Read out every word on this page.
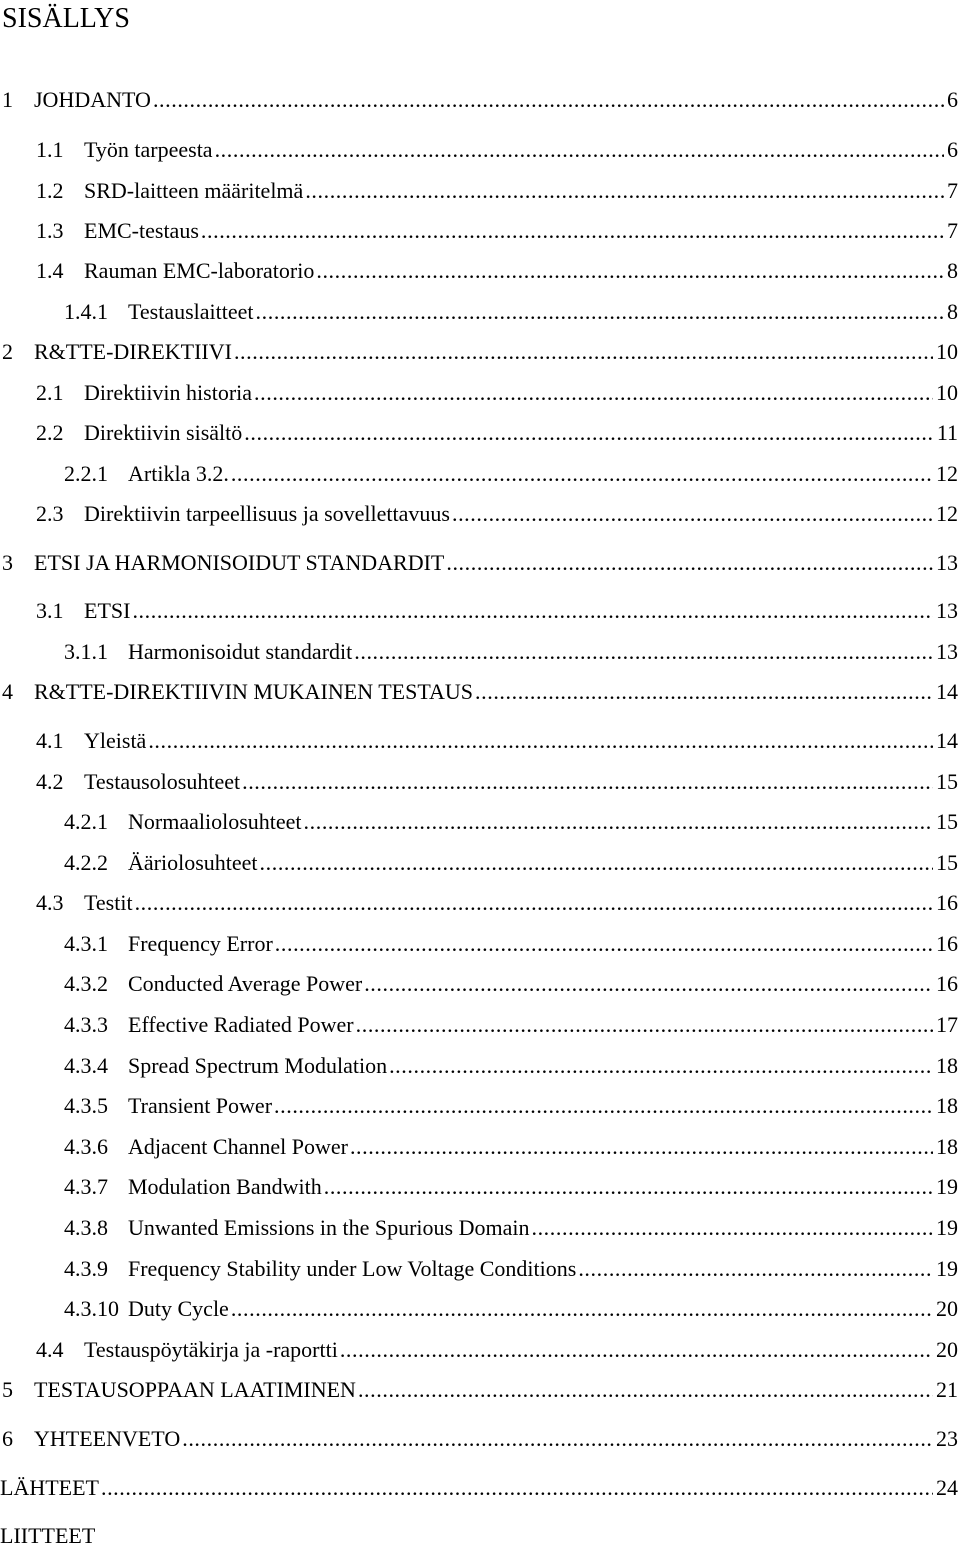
SISÄLLYS
1 JOHDANTO .....	6
1.1 Työn tarpeesta .....	6
1.2 SRD-laitteen määritelmä .....	7
1.3 EMC-testaus .....	7
1.4 Rauman EMC-laboratorio .....	8
1.4.1 Testauslaitteet .....	8
2 R&TTE-DIREKTIIVI .....	10
2.1 Direktiivin historia .....	10
2.2 Direktiivin sisältö .....	11
2.2.1 Artikla 3.2. .....	12
2.3 Direktiivin tarpeellisuus ja sovellettavuus .....	12
3 ETSI JA HARMONISOIDUT STANDARDIT .....	13
3.1 ETSI .....	13
3.1.1 Harmonisoidut standardit .....	13
4 R&TTE-DIREKTIIVIN MUKAINEN TESTAUS .....	14
4.1 Yleistä .....	14
4.2 Testausolosuhteet .....	15
4.2.1 Normaaliolosuhteet .....	15
4.2.2 Ääriolosuhteet .....	15
4.3 Testit .....	16
4.3.1 Frequency Error .....	16
4.3.2 Conducted Average Power .....	16
4.3.3 Effective Radiated Power .....	17
4.3.4 Spread Spectrum Modulation .....	18
4.3.5 Transient Power .....	18
4.3.6 Adjacent Channel Power .....	18
4.3.7 Modulation Bandwith .....	19
4.3.8 Unwanted Emissions in the Spurious Domain .....	19
4.3.9 Frequency Stability under Low Voltage Conditions .....	19
4.3.10 Duty Cycle .....	20
4.4 Testauspöytäkirja ja -raportti .....	20
5 TESTAUSOPPAAN LAATIMINEN .....	21
6 YHTEENVETO .....	23
LÄHTEET .....	24
LIITTEET
